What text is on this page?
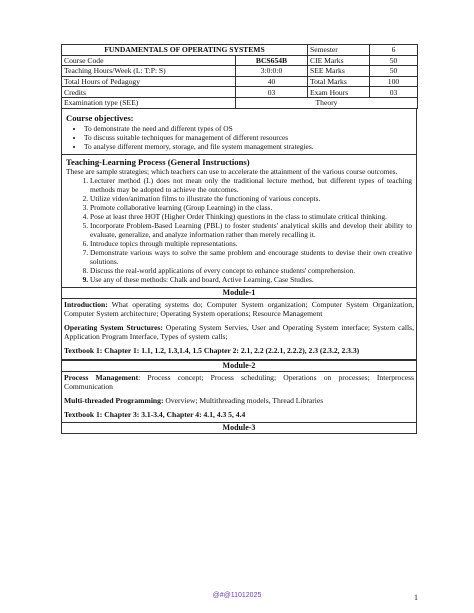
FUNDAMENTALS OF OPERATING SYSTEMS		Semester	6
Course Code	BCS654B	CIE Marks	50
Teaching Hours/Week (L: T:P: S)	3:0:0:0	SEE Marks	50
Total Hours of Pedagogy	40	Total Marks	100
Credits	03	Exam Hours	03
Examination type (SEE)	Theory		
Course objectives:
• To demonstrate the need and different types of OS
• To discuss suitable techniques for management of different resources
• To analyse different memory, storage, and file system management strategies.
Teaching-Learning Process (General Instructions)

These are sample strategies; which teachers can use to accelerate the attainment of the various course outcomes.

1. Lecturer method (L) does not mean only the traditional lecture method, but different types of teaching methods may be adopted to achieve the outcomes.
2. Utilize video/animation films to illustrate the functioning of various concepts.
3. Promote collaborative learning (Group Learning) in the class.
4. Pose at least three HOT (Higher Order Thinking) questions in the class to stimulate critical thinking.
5. Incorporate Problem-Based Learning (PBL) to foster students' analytical skills and develop their ability to evaluate, generalize, and analyze information rather than merely recalling it.
6. Introduce topics through multiple representations.
7. Demonstrate various ways to solve the same problem and encourage students to devise their own creative solutions.
8. Discuss the real-world applications of every concept to enhance students' comprehension.
9. Use any of these methods: Chalk and board, Active Learning, Case Studies.
Module-1

Introduction: What operating systems do; Computer System organization; Computer System Organization, Computer System architecture; Operating System operations; Resource Management

Operating System Structures: Operating System Servies, User and Operating System interface; System calls, Application Program Interface, Types of system calls;

Textbook 1: Chapter 1: 1.1, 1.2, 1.3,1.4, 1.5 Chapter 2: 2.1, 2.2 (2.2.1, 2.2.2), 2.3 (2.3.2, 2.3.3)

Module-2

Process Management: Process concept; Process scheduling; Operations on processes; Interprocess Communication

Multi-threaded Programming: Overview; Multithreading models, Thread Libraries

Textbook 1: Chapter 3: 3.1-3.4, Chapter 4: 4.1, 4.3 5, 4.4

Module-3
@#@11012025	1
